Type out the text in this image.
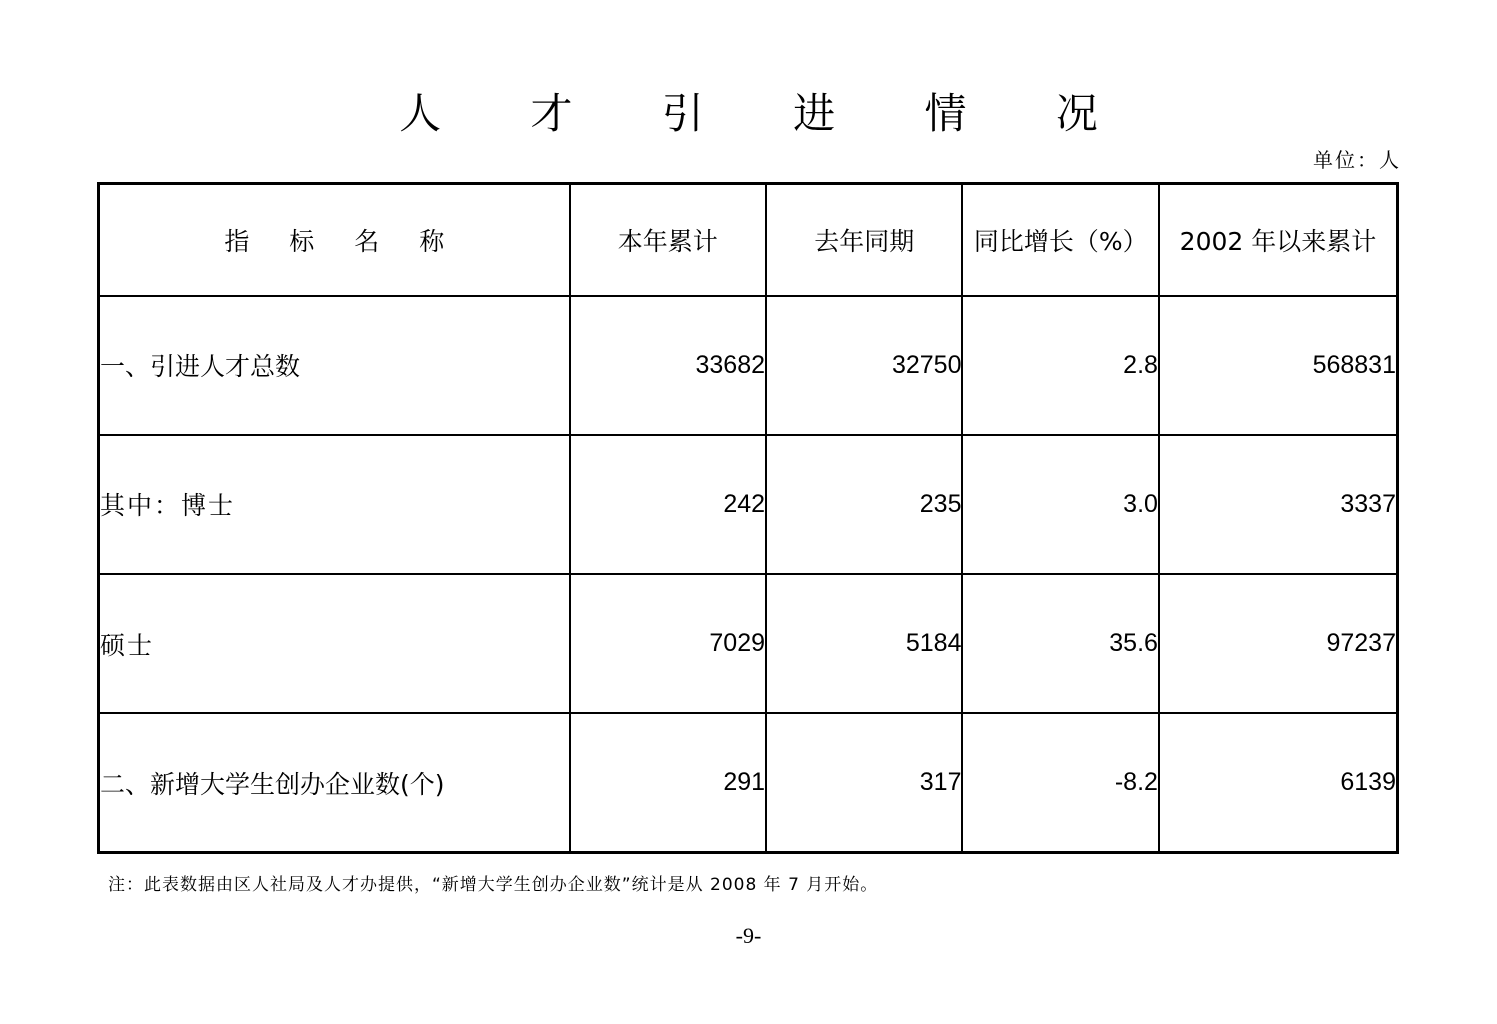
人 才 引 进 情 况
单位：人
指 标 名 称	本年累计	去年同期	同比增长（%）	2002 年以来累计
一、引进人才总数	33682	32750	2.8	568831
其中：博士	242	235	3.0	3337
硕士	7029	5184	35.6	97237
二、新增大学生创办企业数(个)	291	317	-8.2	6139
注：此表数据由区人社局及人才办提供，“新增大学生创办企业数”统计是从 2008 年 7 月开始。
-9-
